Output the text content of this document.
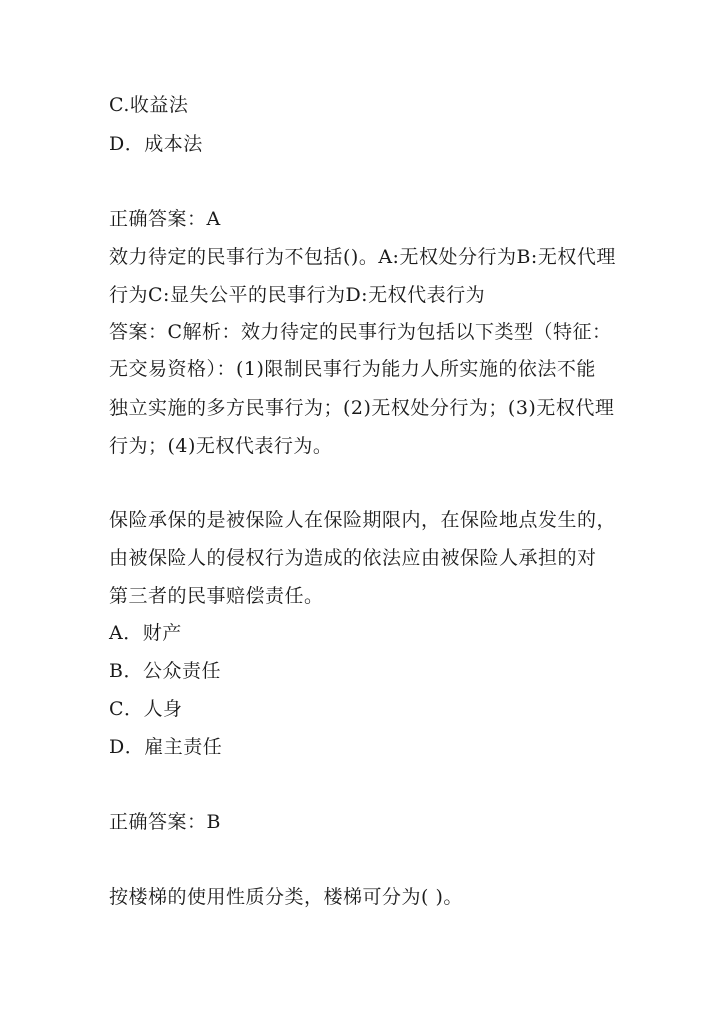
C.收益法
D．成本法
正确答案：A
效力待定的民事行为不包括()。A:无权处分行为B:无权代理
行为C:显失公平的民事行为D:无权代表行为
答案：C解析：效力待定的民事行为包括以下类型（特征：
无交易资格）：(1)限制民事行为能力人所实施的依法不能
独立实施的多方民事行为；(2)无权处分行为；(3)无权代理
行为；(4)无权代表行为。
保险承保的是被保险人在保险期限内，在保险地点发生的，
由被保险人的侵权行为造成的依法应由被保险人承担的对
第三者的民事赔偿责任。
A．财产
B．公众责任
C．人身
D．雇主责任
正确答案：B
按楼梯的使用性质分类，楼梯可分为( )。
